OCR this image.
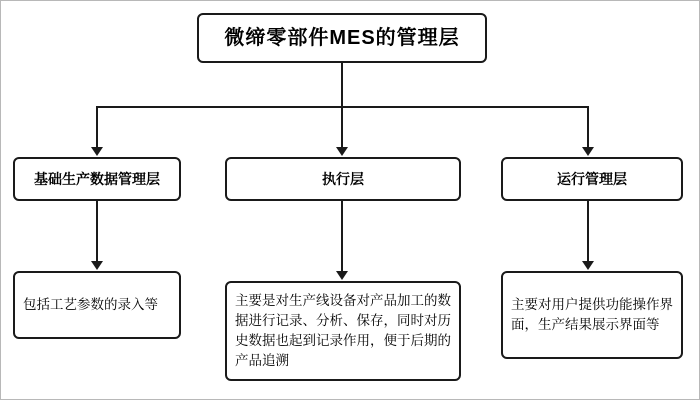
微缔零部件MES的管理层
基础生产数据管理层	执行层	运行管理层
包括工艺参数的录入等	主要是对生产线设备对产品加工的数据进行记录、分析、保存，同时对历史数据也起到记录作用，便于后期的产品追溯
主要对用户提供功能操作界面，生产结果展示界面等
